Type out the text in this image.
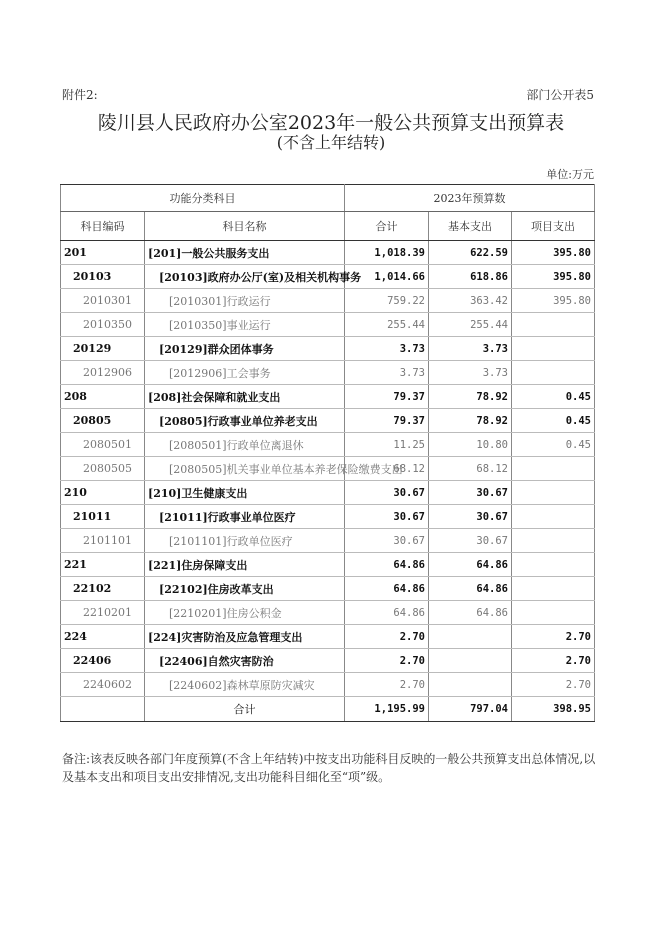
附件2:	部门公开表5
陵川县人民政府办公室2023年一般公共预算支出预算表
(不含上年结转)
单位:万元
功能分类科目		2023年预算数		
科目编码	科目名称	合计	基本支出	项目支出
201	[201]一般公共服务支出	1,018.39	622.59	395.80
20103	[20103]政府办公厅(室)及相关机构事务	1,014.66	618.86	395.80
2010301	[2010301]行政运行	759.22	363.42	395.80
2010350	[2010350]事业运行	255.44	255.44	
20129	[20129]群众团体事务	3.73	3.73	
2012906	[2012906]工会事务	3.73	3.73	
208	[208]社会保障和就业支出	79.37	78.92	0.45
20805	[20805]行政事业单位养老支出	79.37	78.92	0.45
2080501	[2080501]行政单位离退休	11.25	10.80	0.45
2080505	[2080505]机关事业单位基本养老保险缴费支出	68.12	68.12	
210	[210]卫生健康支出	30.67	30.67	
21011	[21011]行政事业单位医疗	30.67	30.67	
2101101	[2101101]行政单位医疗	30.67	30.67	
221	[221]住房保障支出	64.86	64.86	
22102	[22102]住房改革支出	64.86	64.86	
2210201	[2210201]住房公积金	64.86	64.86	
224	[224]灾害防治及应急管理支出	2.70		2.70
22406	[22406]自然灾害防治	2.70		2.70
2240602	[2240602]森林草原防灾减灾	2.70		2.70
	合计	1,195.99	797.04	398.95
备注:该表反映各部门年度预算(不含上年结转)中按支出功能科目反映的一般公共预算支出总体情况,以及基本支出和项目支出安排情况,支出功能科目细化至“项”级。
